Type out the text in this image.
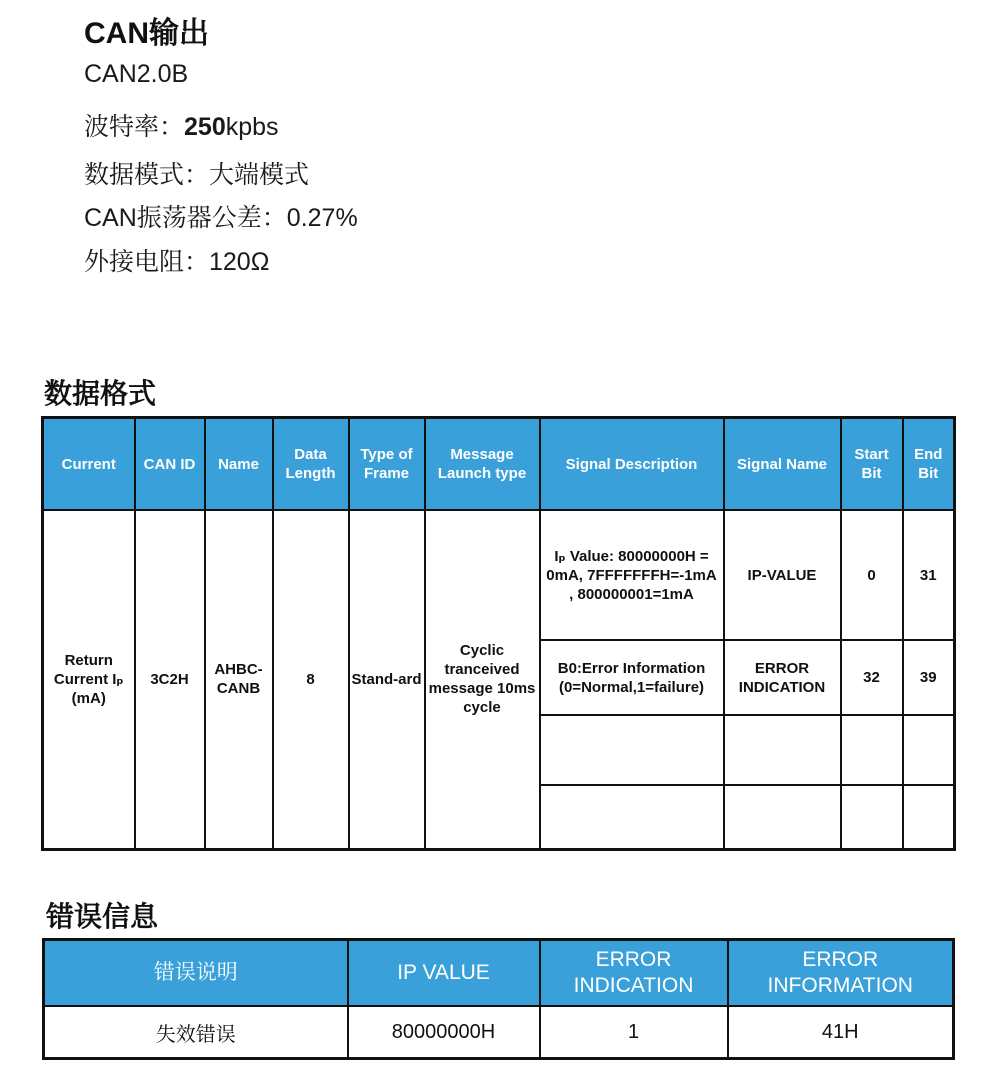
CAN输出
CAN2.0B
波特率：250kpbs
数据模式：大端模式
CAN振荡器公差：0.27%
外接电阻：120Ω
数据格式
Current	CAN ID	Name	Data Length	Type of Frame	Message Launch type	Signal Description	Signal Name	Start Bit	End Bit
Return Current Iₚ (mA)	3C2H	AHBC-CANB	8	Stand-ard	Cyclic tranceived message 10ms cycle	Iₚ Value: 80000000H = 0mA, 7FFFFFFFH=-1mA , 800000001=1mA	IP-VALUE	0	31
						B0:Error Information (0=Normal,1=failure)	ERROR INDICATION	32	39

错误信息
错误说明	IP VALUE	ERROR INDICATION	ERROR INFORMATION
失效错误	80000000H	1	41H
